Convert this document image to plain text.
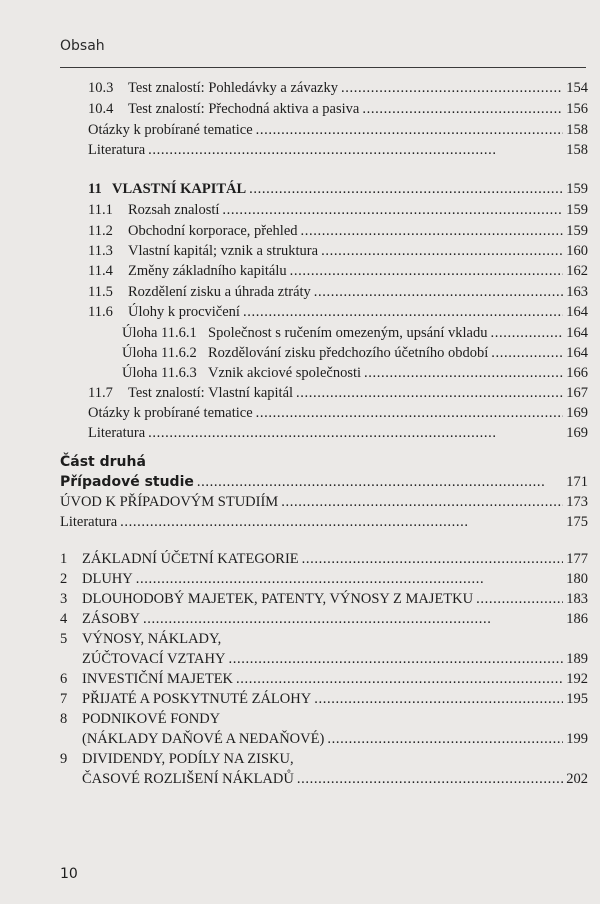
Obsah
10.3	Test znalostí: Pohledávky a závazky . . .	154
10.4	Test znalostí: Přechodná aktiva a pasiva . . .	156
Otázky k probírané tematice . . .	158
Literatura . . .	158
11 VLASTNÍ KAPITÁL . . .	159
11.1	Rozsah znalostí . . .	159
11.2	Obchodní korporace, přehled . . .	159
11.3	Vlastní kapitál; vznik a struktura . . .	160
11.4	Změny základního kapitálu . . .	162
11.5	Rozdělení zisku a úhrada ztráty . . .	163
11.6	Úlohy k procvičení . . .	164
Úloha 11.6.1 Společnost s ručením omezeným, upsání vkladu . . .	164
Úloha 11.6.2 Rozdělování zisku předchozího účetního období . . .	164
Úloha 11.6.3 Vznik akciové společnosti . . .	166
11.7	Test znalostí: Vlastní kapitál . . .	167
Otázky k probírané tematice . . .	169
Literatura . . .	169
Část druhá
Případové studie . . .	171
ÚVOD K PŘÍPADOVÝM STUDIÍM . . .	173
Literatura . . .	175
1	ZÁKLADNÍ ÚČETNÍ KATEGORIE . . .	177
2	DLUHY . . .	180
3	DLOUHODOBÝ MAJETEK, PATENTY, VÝNOSY Z MAJETKU . . .	183
4	ZÁSOBY . . .	186
5 VÝNOSY, NÁKLADY,
ZÚČTOVACÍ VZTAHY . . .	189
6	INVESTIČNÍ MAJETEK . . .	192
7	PŘIJATÉ A POSKYTNUTÉ ZÁLOHY . . .	195
8 PODNIKOVÉ FONDY
(NÁKLADY DAŇOVÉ A NEDAŇOVÉ) . . .	199
9 DIVIDENDY, PODÍLY NA ZISKU,
ČASOVÉ ROZLIŠENÍ NÁKLADŮ . . .	202
10
